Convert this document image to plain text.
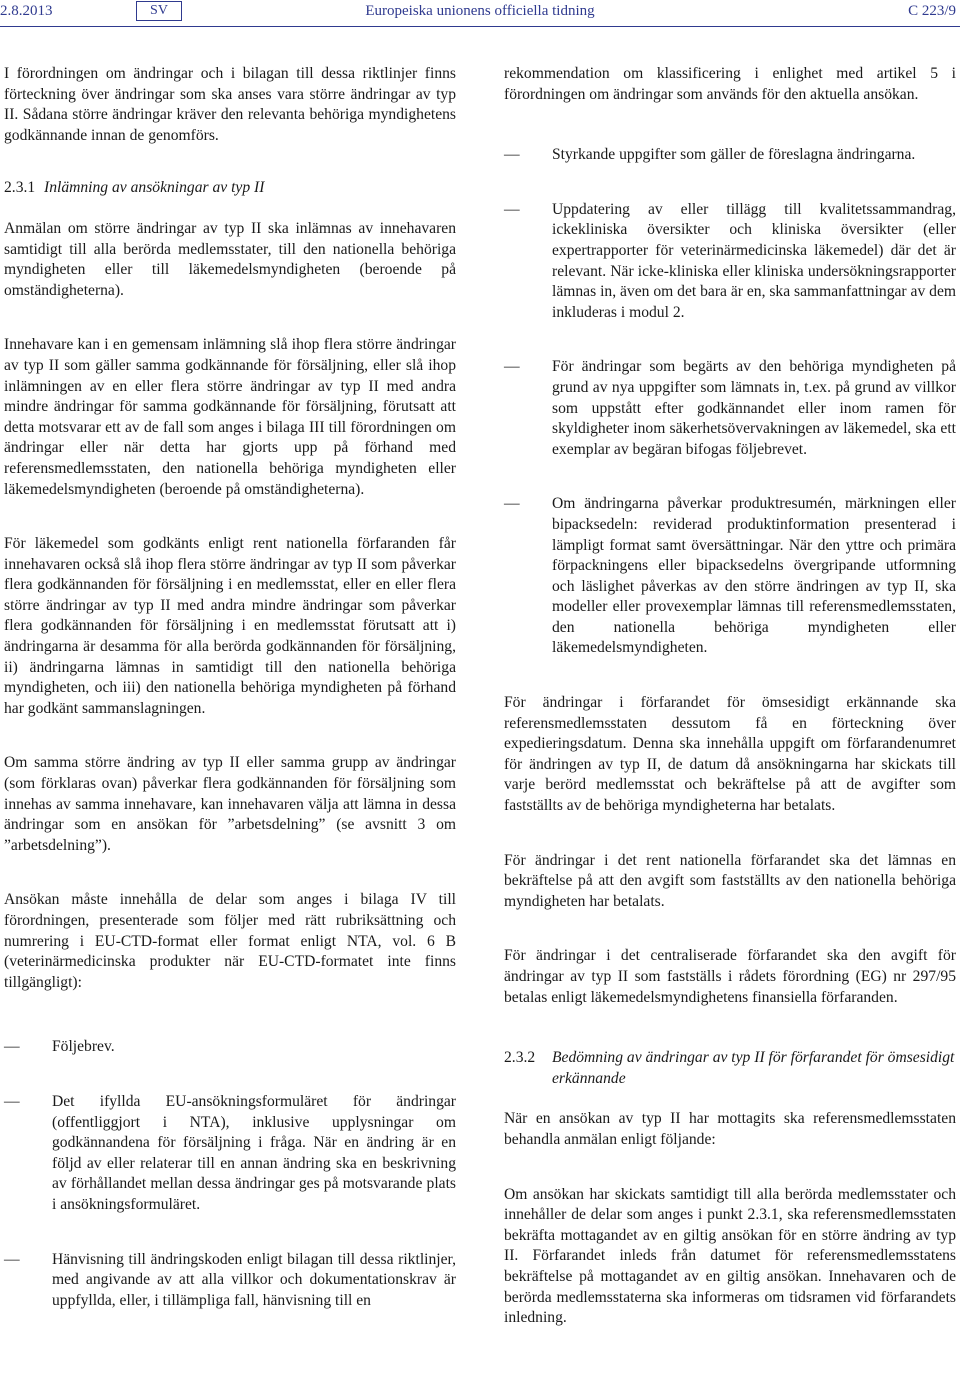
2.8.2013	SV	Europeiska unionens officiella tidning	C 223/9

I förordningen om ändringar och i bilagan till dessa riktlinjer finns förteckning över ändringar som ska anses vara större ändringar av typ II. Sådana större ändringar kräver den relevanta behöriga myndighetens godkännande innan de genomförs.

2.3.1 Inlämning av ansökningar av typ II

Anmälan om större ändringar av typ II ska inlämnas av innehavaren samtidigt till alla berörda medlemsstater, till den nationella behöriga myndigheten eller till läkemedelsmyndigheten (beroende på omständigheterna).

Innehavare kan i en gemensam inlämning slå ihop flera större ändringar av typ II som gäller samma godkännande för försäljning, eller slå ihop inlämningen av en eller flera större ändringar av typ II med andra mindre ändringar för samma godkännande för försäljning, förutsatt att detta motsvarar ett av de fall som anges i bilaga III till förordningen om ändringar eller när detta har gjorts upp på förhand med referensmedlemsstaten, den nationella behöriga myndigheten eller läkemedelsmyndigheten (beroende på omständigheterna).

För läkemedel som godkänts enligt rent nationella förfaranden får innehavaren också slå ihop flera större ändringar av typ II som påverkar flera godkännanden för försäljning i en medlemsstat, eller en eller flera större ändringar av typ II med andra mindre ändringar som påverkar flera godkännanden för försäljning i en medlemsstat förutsatt att i) ändringarna är desamma för alla berörda godkännanden för försäljning, ii) ändringarna lämnas in samtidigt till den nationella behöriga myndigheten, och iii) den nationella behöriga myndigheten på förhand har godkänt sammanslagningen.

Om samma större ändring av typ II eller samma grupp av ändringar (som förklaras ovan) påverkar flera godkännanden för försäljning som innehas av samma innehavare, kan innehavaren välja att lämna in dessa ändringar som en ansökan för ”arbetsdelning” (se avsnitt 3 om ”arbetsdelning”).

Ansökan måste innehålla de delar som anges i bilaga IV till förordningen, presenterade som följer med rätt rubriksättning och numrering i EU-CTD-format eller format enligt NTA, vol. 6 B (veterinärmedicinska produkter när EU-CTD-formatet inte finns tillgängligt):

—	Följebrev.
—	Det ifyllda EU-ansökningsformuläret för ändringar (offentliggjort i NTA), inklusive upplysningar om godkännandena för försäljning i fråga. När en ändring är en följd av eller relaterar till en annan ändring ska en beskrivning av förhållandet mellan dessa ändringar ges på motsvarande plats i ansökningsformuläret.
—	Hänvisning till ändringskoden enligt bilagan till dessa riktlinjer, med angivande av att alla villkor och dokumentationskrav är uppfyllda, eller, i tillämpliga fall, hänvisning till en

rekommendation om klassificering i enlighet med artikel 5 i förordningen om ändringar som används för den aktuella ansökan.

—	Styrkande uppgifter som gäller de föreslagna ändringarna.
—	Uppdatering av eller tillägg till kvalitetssammandrag, ickekliniska översikter och kliniska översikter (eller expertrapporter för veterinärmedicinska läkemedel) där det är relevant. När icke-kliniska eller kliniska undersökningsrapporter lämnas in, även om det bara är en, ska sammanfattningar av dem inkluderas i modul 2.
—	För ändringar som begärts av den behöriga myndigheten på grund av nya uppgifter som lämnats in, t.ex. på grund av villkor som uppstått efter godkännandet eller inom ramen för skyldigheter inom säkerhetsövervakningen av läkemedel, ska ett exemplar av begäran bifogas följebrevet.
—	Om ändringarna påverkar produktresumén, märkningen eller bipacksedeln: reviderad produktinformation presenterad i lämpligt format samt översättningar. När den yttre och primära förpackningens eller bipacksedelns övergripande utformning och läslighet påverkas av den större ändringen av typ II, ska modeller eller provexemplar lämnas till referensmedlemsstaten, den nationella behöriga myndigheten eller läkemedelsmyndigheten.

För ändringar i förfarandet för ömsesidigt erkännande ska referensmedlemsstaten dessutom få en förteckning över expedieringsdatum. Denna ska innehålla uppgift om förfarandenumret för ändringen av typ II, de datum då ansökningarna har skickats till varje berörd medlemsstat och bekräftelse på att de avgifter som fastställts av de behöriga myndigheterna har betalats.

För ändringar i det rent nationella förfarandet ska det lämnas en bekräftelse på att den avgift som fastställts av den nationella behöriga myndigheten har betalats.

För ändringar i det centraliserade förfarandet ska den avgift för ändringar av typ II som fastställs i rådets förordning (EG) nr 297/95 betalas enligt läkemedelsmyndighetens finansiella förfaranden.

2.3.2	Bedömning av ändringar av typ II för förfarandet för ömsesidigt erkännande

När en ansökan av typ II har mottagits ska referensmedlemsstaten behandla anmälan enligt följande:

Om ansökan har skickats samtidigt till alla berörda medlemsstater och innehåller de delar som anges i punkt 2.3.1, ska referensmedlemsstaten bekräfta mottagandet av en giltig ansökan för en större ändring av typ II. Förfarandet inleds från datumet för referensmedlemsstatens bekräftelse på mottagandet av en giltig ansökan. Innehavaren och de berörda medlemsstaterna ska informeras om tidsramen vid förfarandets inledning.
